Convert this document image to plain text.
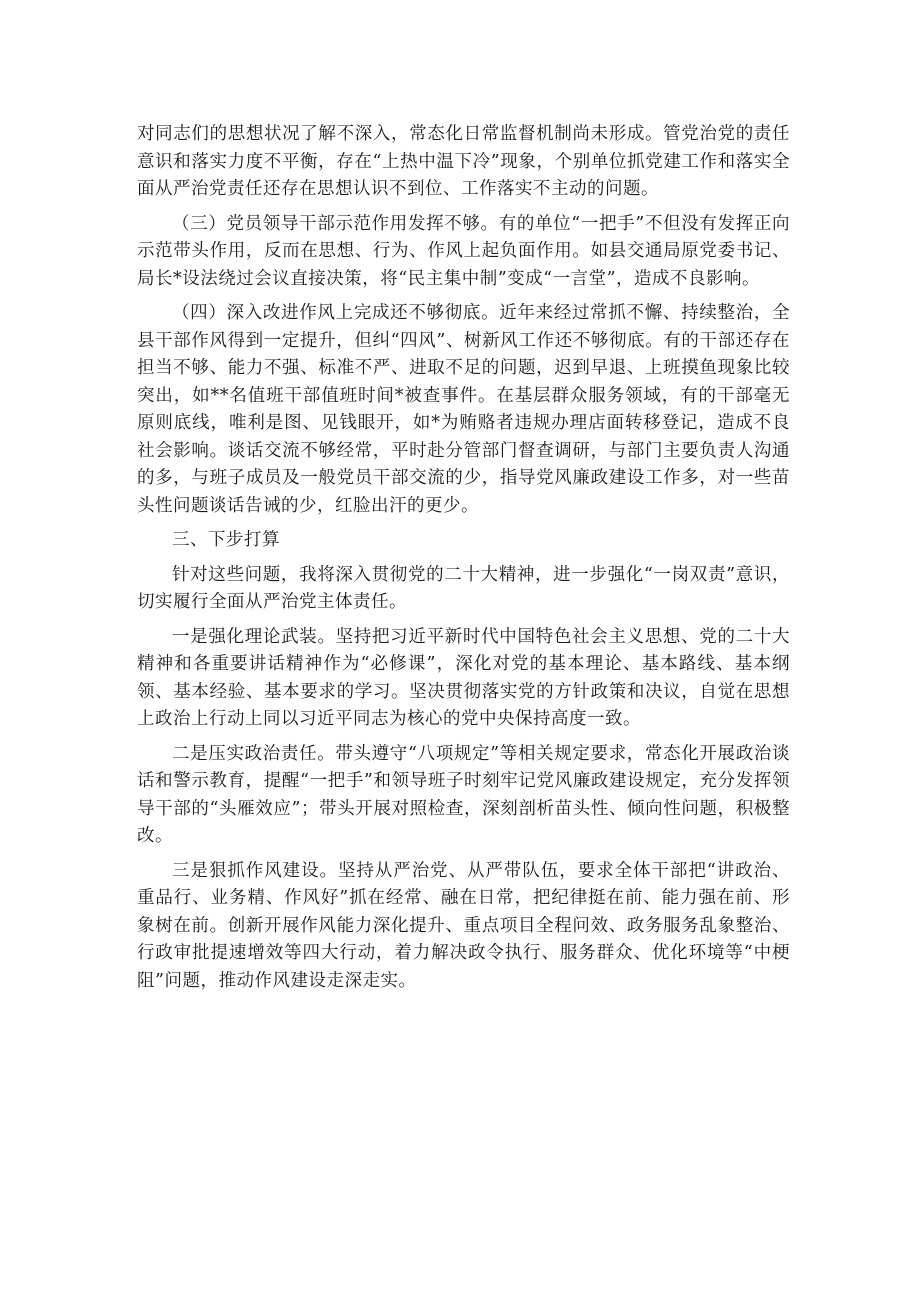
对同志们的思想状况了解不深入，常态化日常监督机制尚未形成。管党治党的责任意识和落实力度不平衡，存在“上热中温下冷”现象，个别单位抓党建工作和落实全面从严治党责任还存在思想认识不到位、工作落实不主动的问题。

（三）党员领导干部示范作用发挥不够。有的单位“一把手”不但没有发挥正向示范带头作用，反而在思想、行为、作风上起负面作用。如县交通局原党委书记、局长*设法绕过会议直接决策，将“民主集中制”变成“一言堂”，造成不良影响。

（四）深入改进作风上完成还不够彻底。近年来经过常抓不懈、持续整治，全县干部作风得到一定提升，但纠“四风”、树新风工作还不够彻底。有的干部还存在担当不够、能力不强、标准不严、进取不足的问题，迟到早退、上班摸鱼现象比较突出，如**名值班干部值班时间*被查事件。在基层群众服务领域，有的干部毫无原则底线，唯利是图、见钱眼开，如*为贿赂者违规办理店面转移登记，造成不良社会影响。谈话交流不够经常，平时赴分管部门督查调研，与部门主要负责人沟通的多，与班子成员及一般党员干部交流的少，指导党风廉政建设工作多，对一些苗头性问题谈话告诫的少，红脸出汗的更少。

三、下步打算

针对这些问题，我将深入贯彻党的二十大精神，进一步强化“一岗双责”意识，切实履行全面从严治党主体责任。

一是强化理论武装。坚持把习近平新时代中国特色社会主义思想、党的二十大精神和各重要讲话精神作为“必修课”，深化对党的基本理论、基本路线、基本纲领、基本经验、基本要求的学习。坚决贯彻落实党的方针政策和决议，自觉在思想上政治上行动上同以习近平同志为核心的党中央保持高度一致。

二是压实政治责任。带头遵守“八项规定”等相关规定要求，常态化开展政治谈话和警示教育，提醒“一把手”和领导班子时刻牢记党风廉政建设规定，充分发挥领导干部的“头雁效应”；带头开展对照检查，深刻剖析苗头性、倾向性问题，积极整改。

三是狠抓作风建设。坚持从严治党、从严带队伍，要求全体干部把“讲政治、重品行、业务精、作风好”抓在经常、融在日常，把纪律挺在前、能力强在前、形象树在前。创新开展作风能力深化提升、重点项目全程问效、政务服务乱象整治、行政审批提速增效等四大行动，着力解决政令执行、服务群众、优化环境等“中梗阻”问题，推动作风建设走深走实。
